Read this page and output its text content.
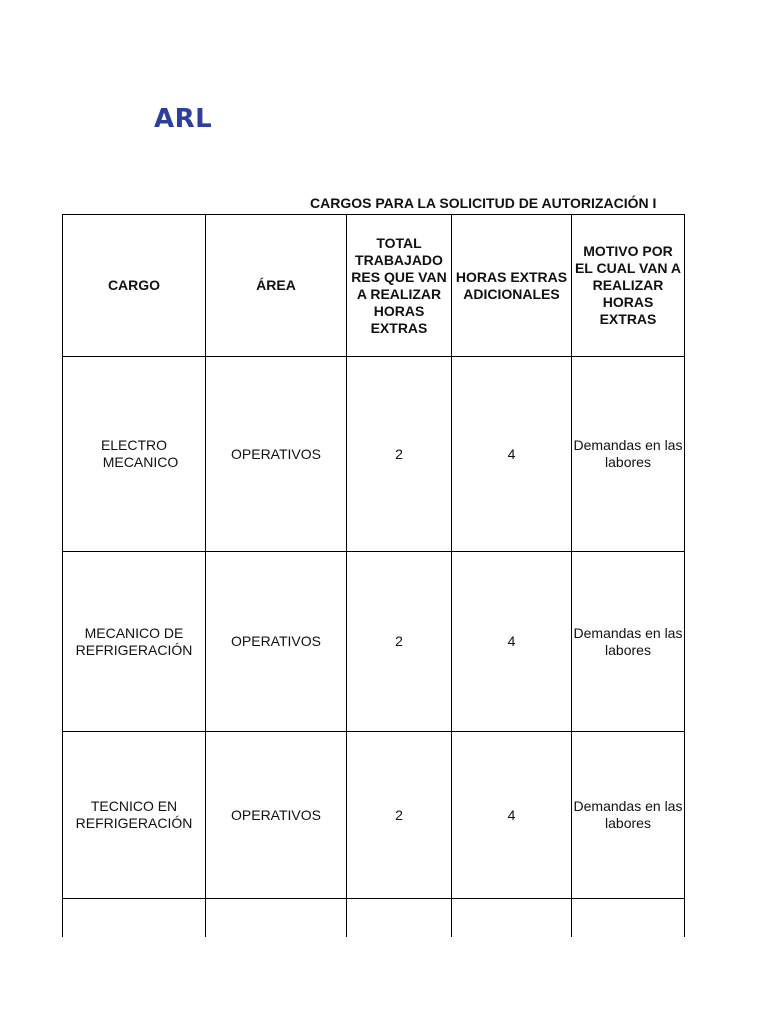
ARL
CARGOS PARA LA SOLICITUD DE AUTORIZACIÓN I
CARGO	ÁREA	TOTAL TRABAJADO RES QUE VAN A REALIZAR HORAS EXTRAS	HORAS EXTRAS ADICIONALES	MOTIVO POR EL CUAL VAN A REALIZAR HORAS EXTRAS

ELECTRO
MECANICO	OPERATIVOS	2	4	Demandas en las labores
MECANICO DE
REFRIGERACIÓN	OPERATIVOS	2	4	Demandas en las labores
TECNICO EN
REFRIGERACIÓN	OPERATIVOS	2	4	Demandas en las labores
